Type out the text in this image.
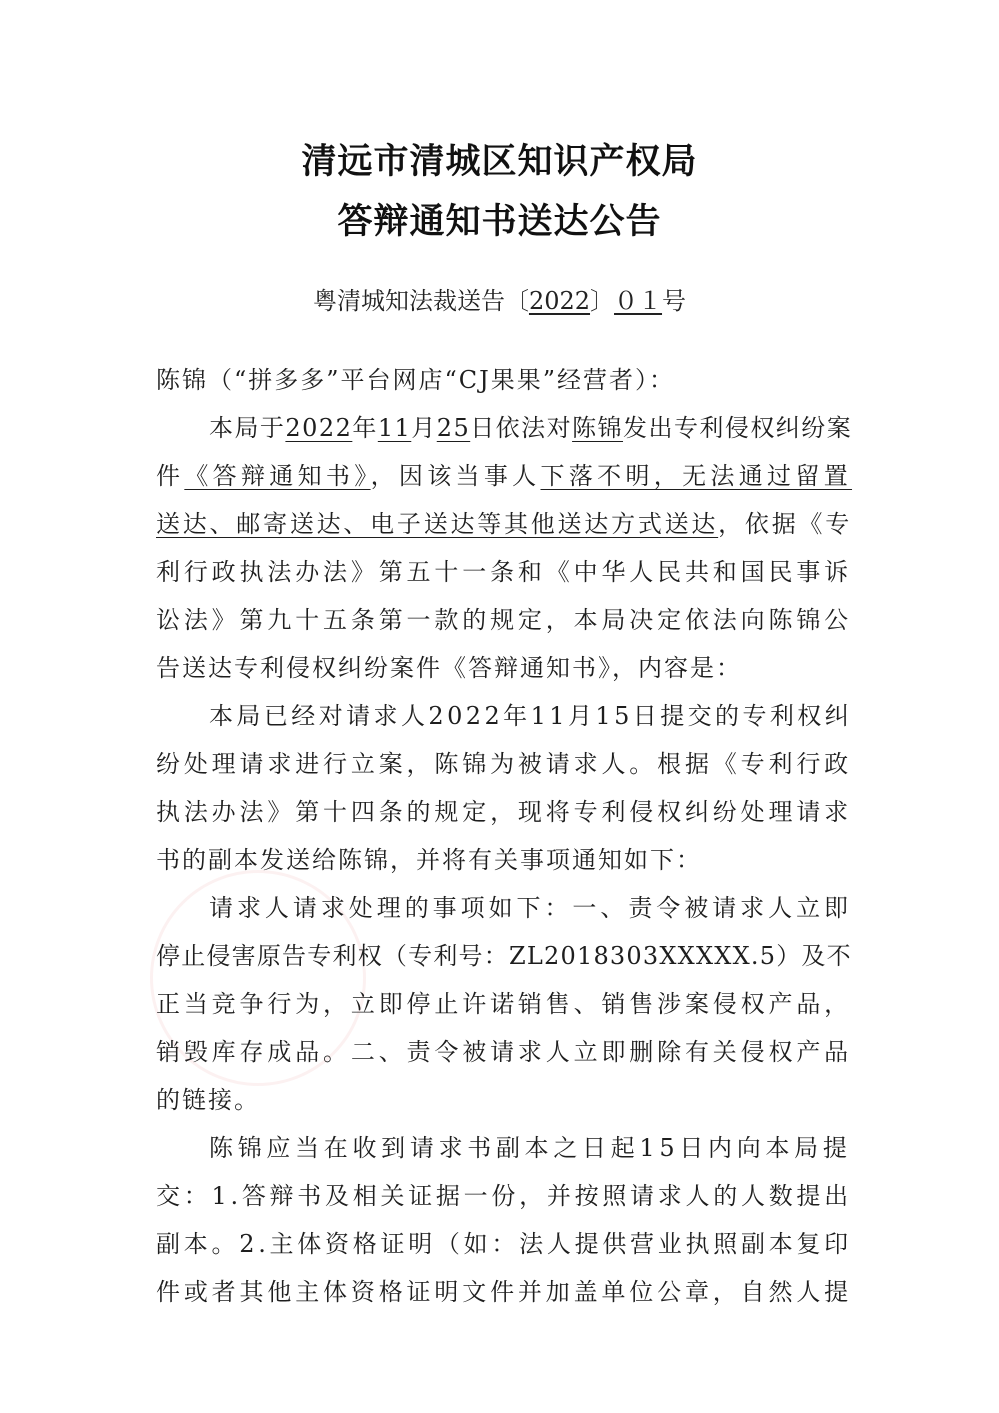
清远市清城区知识产权局
答辩通知书送达公告
粤清城知法裁送告〔2022〕０１号
陈锦（“拼多多”平台网店“CJ果果”经营者）：
本局于2022年11月25日依法对陈锦发出专利侵权纠纷案
件《答辩通知书》，因该当事人下落不明，无法通过留置
送达、邮寄送达、电子送达等其他送达方式送达，依据《专
利行政执法办法》第五十一条和《中华人民共和国民事诉
讼法》第九十五条第一款的规定，本局决定依法向陈锦公
告送达专利侵权纠纷案件《答辩通知书》，内容是：
本局已经对请求人2022年11月15日提交的专利权纠
纷处理请求进行立案，陈锦为被请求人。根据《专利行政
执法办法》第十四条的规定，现将专利侵权纠纷处理请求
书的副本发送给陈锦，并将有关事项通知如下：
请求人请求处理的事项如下：一、责令被请求人立即
停止侵害原告专利权（专利号：ZL2018303XXXXX.5）及不
正当竞争行为，立即停止许诺销售、销售涉案侵权产品，
销毁库存成品。二、责令被请求人立即删除有关侵权产品
的链接。
陈锦应当在收到请求书副本之日起15日内向本局提
交：1.答辩书及相关证据一份，并按照请求人的人数提出
副本。2.主体资格证明（如：法人提供营业执照副本复印
件或者其他主体资格证明文件并加盖单位公章，自然人提
